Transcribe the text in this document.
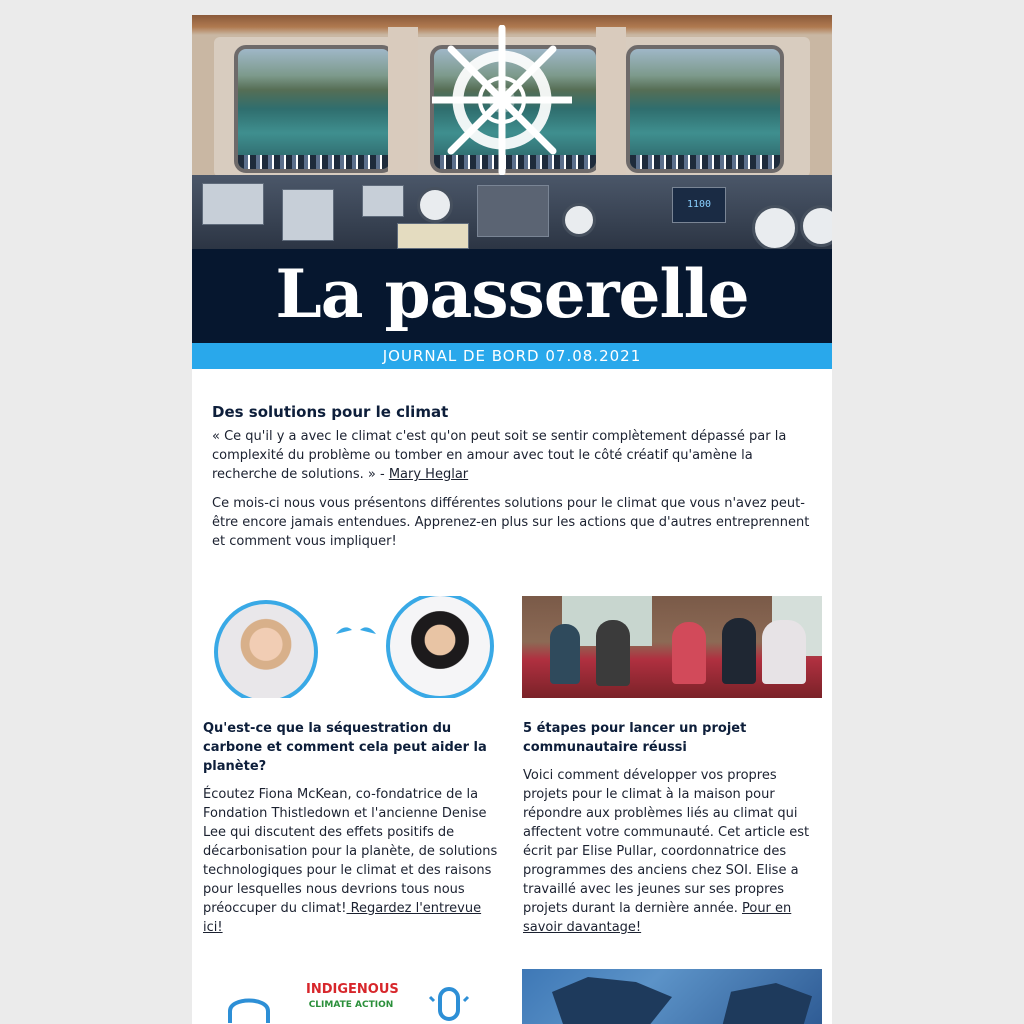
1100
La passerelle
JOURNAL DE BORD 07.08.2021
Des solutions pour le climat

« Ce qu'il y a avec le climat c'est qu'on peut soit se sentir complètement dépassé par la complexité du problème ou tomber en amour avec tout le côté créatif qu'amène la recherche de solutions. » - Mary Heglar

Ce mois-ci nous vous présentons différentes solutions pour le climat que vous n'avez peut-être encore jamais entendues. Apprenez-en plus sur les actions que d'autres entreprennent et comment vous impliquer!

Qu'est-ce que la séquestration du carbone et comment cela peut aider la planète?

Écoutez Fiona McKean, co-fondatrice de la Fondation Thistledown et l'ancienne Denise Lee qui discutent des effets positifs de décarbonisation pour la planète, de solutions technologiques pour le climat et des raisons pour lesquelles nous devrions tous nous préoccuper du climat! Regardez l'entrevue ici!

5 étapes pour lancer un projet communautaire réussi

Voici comment développer vos propres projets pour le climat à la maison pour répondre aux problèmes liés au climat qui affectent votre communauté. Cet article est écrit par Elise Pullar, coordonnatrice des programmes des anciens chez SOI. Elise a travaillé avec les jeunes sur ses propres projets durant la dernière année. Pour en savoir davantage!

INDIGENOUS
CLIMATE ACTION
